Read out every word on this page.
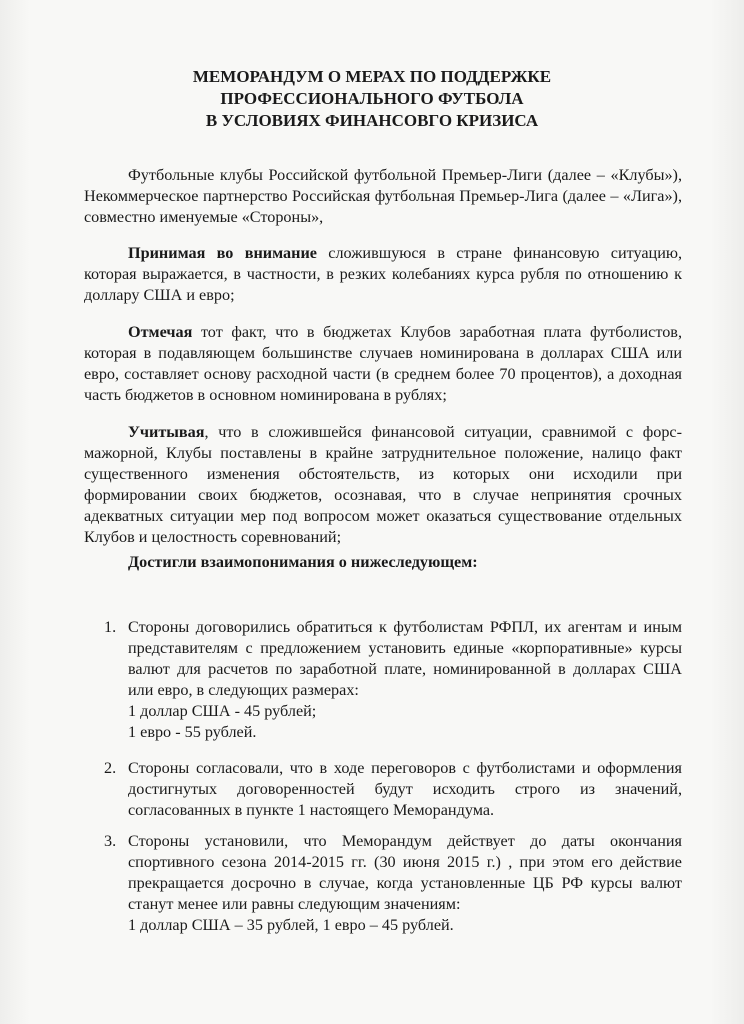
МЕМОРАНДУМ О МЕРАХ ПО ПОДДЕРЖКЕ
ПРОФЕССИОНАЛЬНОГО ФУТБОЛА
В УСЛОВИЯХ ФИНАНСОВГО КРИЗИСА
Футбольные клубы Российской футбольной Премьер-Лиги (далее – «Клубы»), Некоммерческое партнерство Российская футбольная Премьер-Лига (далее – «Лига»), совместно именуемые «Стороны»,
Принимая во внимание сложившуюся в стране финансовую ситуацию, которая выражается, в частности, в резких колебаниях курса рубля по отношению к доллару США и евро;
Отмечая тот факт, что в бюджетах Клубов заработная плата футболистов, которая в подавляющем большинстве случаев номинирована в долларах США или евро, составляет основу расходной части (в среднем более 70 процентов), а доходная часть бюджетов в основном номинирована в рублях;
Учитывая, что в сложившейся финансовой ситуации, сравнимой с форс-мажорной, Клубы поставлены в крайне затруднительное положение, налицо факт существенного изменения обстоятельств, из которых они исходили при формировании своих бюджетов, осознавая, что в случае непринятия срочных адекватных ситуации мер под вопросом может оказаться существование отдельных Клубов и целостность соревнований;
Достигли взаимопонимания о нижеследующем:
1. Стороны договорились обратиться к футболистам РФПЛ, их агентам и иным представителям с предложением установить единые «корпоративные» курсы валют для расчетов по заработной плате, номинированной в долларах США или евро, в следующих размерах:
1 доллар США - 45 рублей;
1 евро - 55 рублей.
2. Стороны согласовали, что в ходе переговоров с футболистами и оформления достигнутых договоренностей будут исходить строго из значений, согласованных в пункте 1 настоящего Меморандума.
3. Стороны установили, что Меморандум действует до даты окончания спортивного сезона 2014-2015 гг. (30 июня 2015 г.) , при этом его действие прекращается досрочно в случае, когда установленные ЦБ РФ курсы валют станут менее или равны следующим значениям:
1 доллар США – 35 рублей, 1 евро – 45 рублей.
